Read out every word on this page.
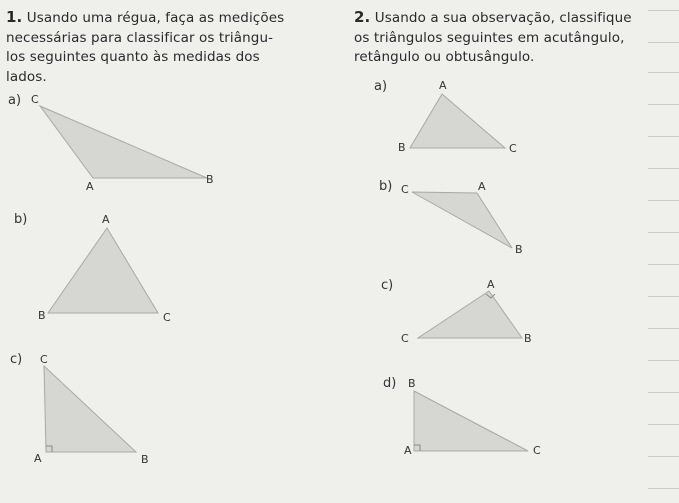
1. Usando uma régua, faça as medições
necessárias para classificar os triângu-
los seguintes quanto às medidas dos
lados.
2. Usando a sua observação, classifique
os triângulos seguintes em acutângulo,
retângulo ou obtusângulo.
a)
b)
c)
C
A
B
A
B	C
C
A	B
a)
b)
c)
d)
A
B	C
C	A
B
A
C	B
B
A	C
